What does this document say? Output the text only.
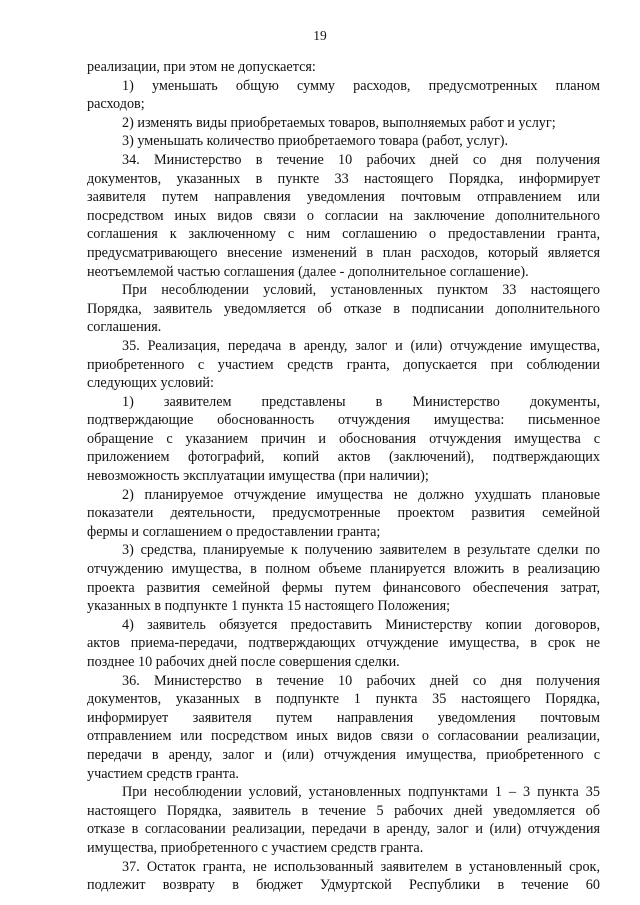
19
реализации, при этом не допускается:
1) уменьшать общую сумму расходов, предусмотренных планом
расходов;
2) изменять виды приобретаемых товаров, выполняемых работ и услуг;
3) уменьшать количество приобретаемого товара (работ, услуг).
34. Министерство в течение 10 рабочих дней со дня получения
документов, указанных в пункте 33 настоящего Порядка, информирует
заявителя путем направления уведомления почтовым отправлением или
посредством иных видов связи о согласии на заключение дополнительного
соглашения к заключенному с ним соглашению о предоставлении гранта,
предусматривающего внесение изменений в план расходов, который является
неотъемлемой частью соглашения (далее - дополнительное соглашение).
При несоблюдении условий, установленных пунктом 33 настоящего
Порядка, заявитель уведомляется об отказе в подписании дополнительного
соглашения.
35. Реализация, передача в аренду, залог и (или) отчуждение имущества,
приобретенного с участием средств гранта, допускается при соблюдении
следующих условий:
1) заявителем представлены в Министерство документы,
подтверждающие обоснованность отчуждения имущества: письменное
обращение с указанием причин и обоснования отчуждения имущества с
приложением фотографий, копий актов (заключений), подтверждающих
невозможность эксплуатации имущества (при наличии);
2) планируемое отчуждение имущества не должно ухудшать плановые
показатели деятельности, предусмотренные проектом развития семейной
фермы и соглашением о предоставлении гранта;
3) средства, планируемые к получению заявителем в результате сделки по
отчуждению имущества, в полном объеме планируется вложить в реализацию
проекта развития семейной фермы путем финансового обеспечения затрат,
указанных в подпункте 1 пункта 15 настоящего Положения;
4) заявитель обязуется предоставить Министерству копии договоров,
актов приема-передачи, подтверждающих отчуждение имущества, в срок не
позднее 10 рабочих дней после совершения сделки.
36. Министерство в течение 10 рабочих дней со дня получения
документов, указанных в подпункте 1 пункта 35 настоящего Порядка,
информирует заявителя путем направления уведомления почтовым
отправлением или посредством иных видов связи о согласовании реализации,
передачи в аренду, залог и (или) отчуждения имущества, приобретенного с
участием средств гранта.
При несоблюдении условий, установленных подпунктами 1 – 3 пункта 35
настоящего Порядка, заявитель в течение 5 рабочих дней уведомляется об
отказе в согласовании реализации, передачи в аренду, залог и (или) отчуждения
имущества, приобретенного с участием средств гранта.
37. Остаток гранта, не использованный заявителем в установленный срок,
подлежит возврату в бюджет Удмуртской Республики в течение 60
